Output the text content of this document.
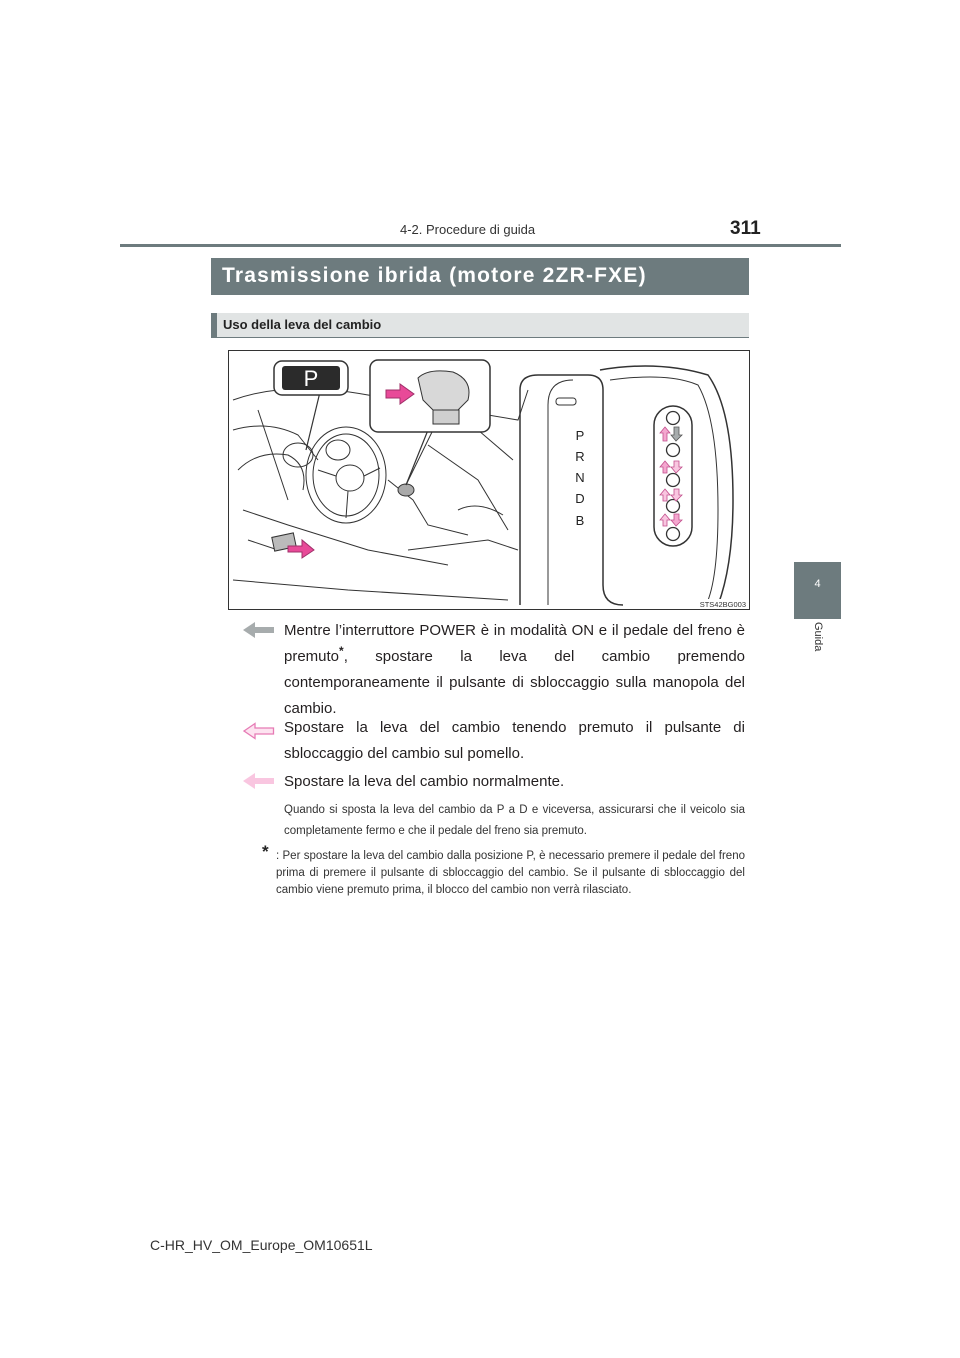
4-2. Procedure di guida	311
4
Guida
Trasmissione ibrida (motore 2ZR-FXE)
Uso della leva del cambio
P
P
R
N
D
B
STS42BG003
Mentre l’interruttore POWER è in modalità ON e il pedale del freno è premuto*, spostare la leva del cambio premendo contemporaneamente il pulsante di sbloccaggio sulla manopola del cambio.
Spostare la leva del cambio tenendo premuto il pulsante di sbloccaggio del cambio sul pomello.
Spostare la leva del cambio normalmente.
Quando si sposta la leva del cambio da P a D e viceversa, assicurarsi che il veicolo sia completamente fermo e che il pedale del freno sia premuto.
* : Per spostare la leva del cambio dalla posizione P, è necessario premere il pedale del freno prima di premere il pulsante di sbloccaggio del cambio. Se il pulsante di sbloccaggio del cambio viene premuto prima, il blocco del cambio non verrà rilasciato.
C-HR_HV_OM_Europe_OM10651L
